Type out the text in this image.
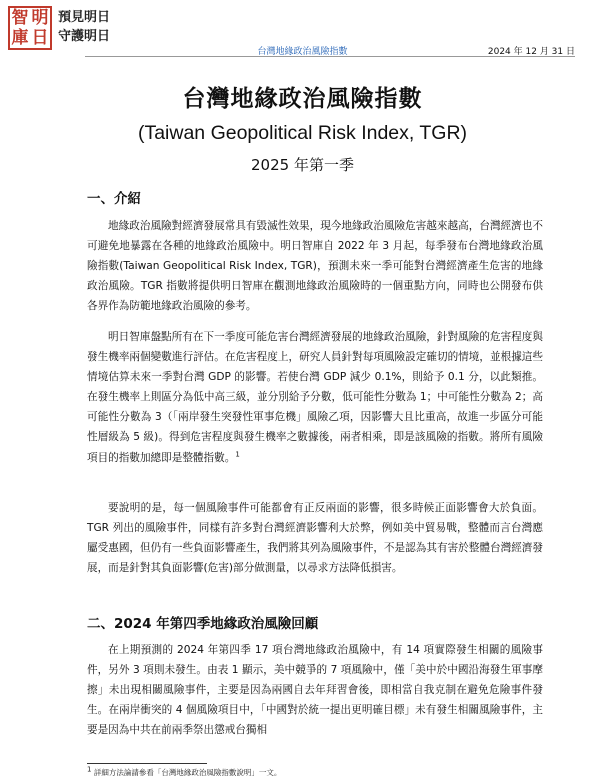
智 明
庫 日
預見明日
守護明日
台灣地緣政治風險指數	2024 年 12 月 31 日
台灣地緣政治風險指數
(Taiwan Geopolitical Risk Index, TGR)
2025 年第一季
一、介紹

地緣政治風險對經濟發展常具有毀滅性效果，現今地緣政治風險危害越來越高，台灣經濟也不可避免地暴露在各種的地緣政治風險中。明日智庫自 2022 年 3 月起，每季發布台灣地緣政治風險指數(Taiwan Geopolitical Risk Index, TGR)，預測未來一季可能對台灣經濟產生危害的地緣政治風險。TGR 指數將提供明日智庫在觀測地緣政治風險時的一個重點方向，同時也公開發布供各界作為防範地緣政治風險的參考。

明日智庫盤點所有在下一季度可能危害台灣經濟發展的地緣政治風險，針對風險的危害程度與發生機率兩個變數進行評估。在危害程度上，研究人員針對每項風險設定確切的情境，並根據這些情境估算未來一季對台灣 GDP 的影響。若使台灣 GDP 減少 0.1%，則給予 0.1 分，以此類推。在發生機率上則區分為低中高三級，並分別給予分數，低可能性分數為 1；中可能性分數為 2；高可能性分數為 3（「兩岸發生突發性軍事危機」風險乙項，因影響大且比重高，故進一步區分可能性層級為 5 級)。得到危害程度與發生機率之數據後，兩者相乘，即是該風險的指數。將所有風險項目的指數加總即是整體指數。$^1$

要說明的是，每一個風險事件可能都會有正反兩面的影響，很多時候正面影響會大於負面。TGR 列出的風險事件，同樣有許多對台灣經濟影響利大於弊，例如美中貿易戰，整體而言台灣應屬受惠國，但仍有一些負面影響產生，我們將其列為風險事件，不是認為其有害於整體台灣經濟發展，而是針對其負面影響(危害)部分做測量，以尋求方法降低損害。

二、2024 年第四季地緣政治風險回顧

在上期預測的 2024 年第四季 17 項台灣地緣政治風險中，有 14 項實際發生相關的風險事件，另外 3 項則未發生。由表 1 顯示，美中競爭的 7 項風險中，僅「美中於中國沿海發生軍事摩擦」未出現相關風險事件，主要是因為兩國自去年拜習會後，即相當自我克制在避免危險事件發生。在兩岸衝突的 4 個風險項目中，「中國對於統一提出更明確目標」未有發生相關風險事件，主要是因為中共在前兩季祭出懲戒台獨相

$^1$ 詳細方法論請參看「台灣地緣政治風險指數說明」一文。
